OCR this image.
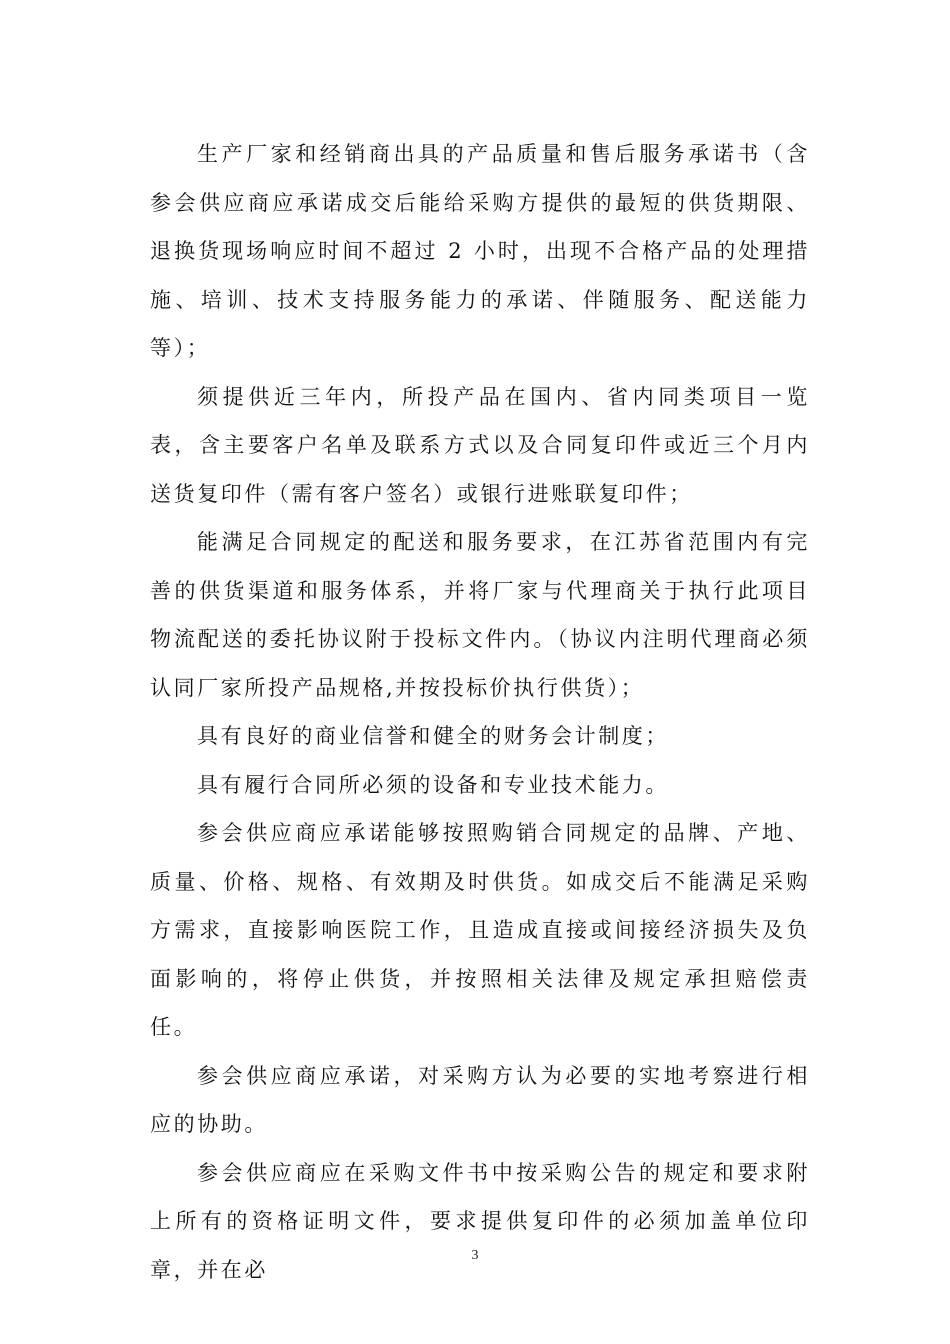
生产厂家和经销商出具的产品质量和售后服务承诺书（含参会供应商应承诺成交后能给采购方提供的最短的供货期限、退换货现场响应时间不超过 2 小时，出现不合格产品的处理措施、培训、技术支持服务能力的承诺、伴随服务、配送能力等）；

须提供近三年内，所投产品在国内、省内同类项目一览表，含主要客户名单及联系方式以及合同复印件或近三个月内送货复印件（需有客户签名）或银行进账联复印件；

能满足合同规定的配送和服务要求，在江苏省范围内有完善的供货渠道和服务体系，并将厂家与代理商关于执行此项目物流配送的委托协议附于投标文件内。（协议内注明代理商必须认同厂家所投产品规格,并按投标价执行供货）；

具有良好的商业信誉和健全的财务会计制度；

具有履行合同所必须的设备和专业技术能力。

参会供应商应承诺能够按照购销合同规定的品牌、产地、质量、价格、规格、有效期及时供货。如成交后不能满足采购方需求，直接影响医院工作，且造成直接或间接经济损失及负面影响的，将停止供货，并按照相关法律及规定承担赔偿责任。

参会供应商应承诺，对采购方认为必要的实地考察进行相应的协助。

参会供应商应在采购文件书中按采购公告的规定和要求附上所有的资格证明文件，要求提供复印件的必须加盖单位印章，并在必

3
